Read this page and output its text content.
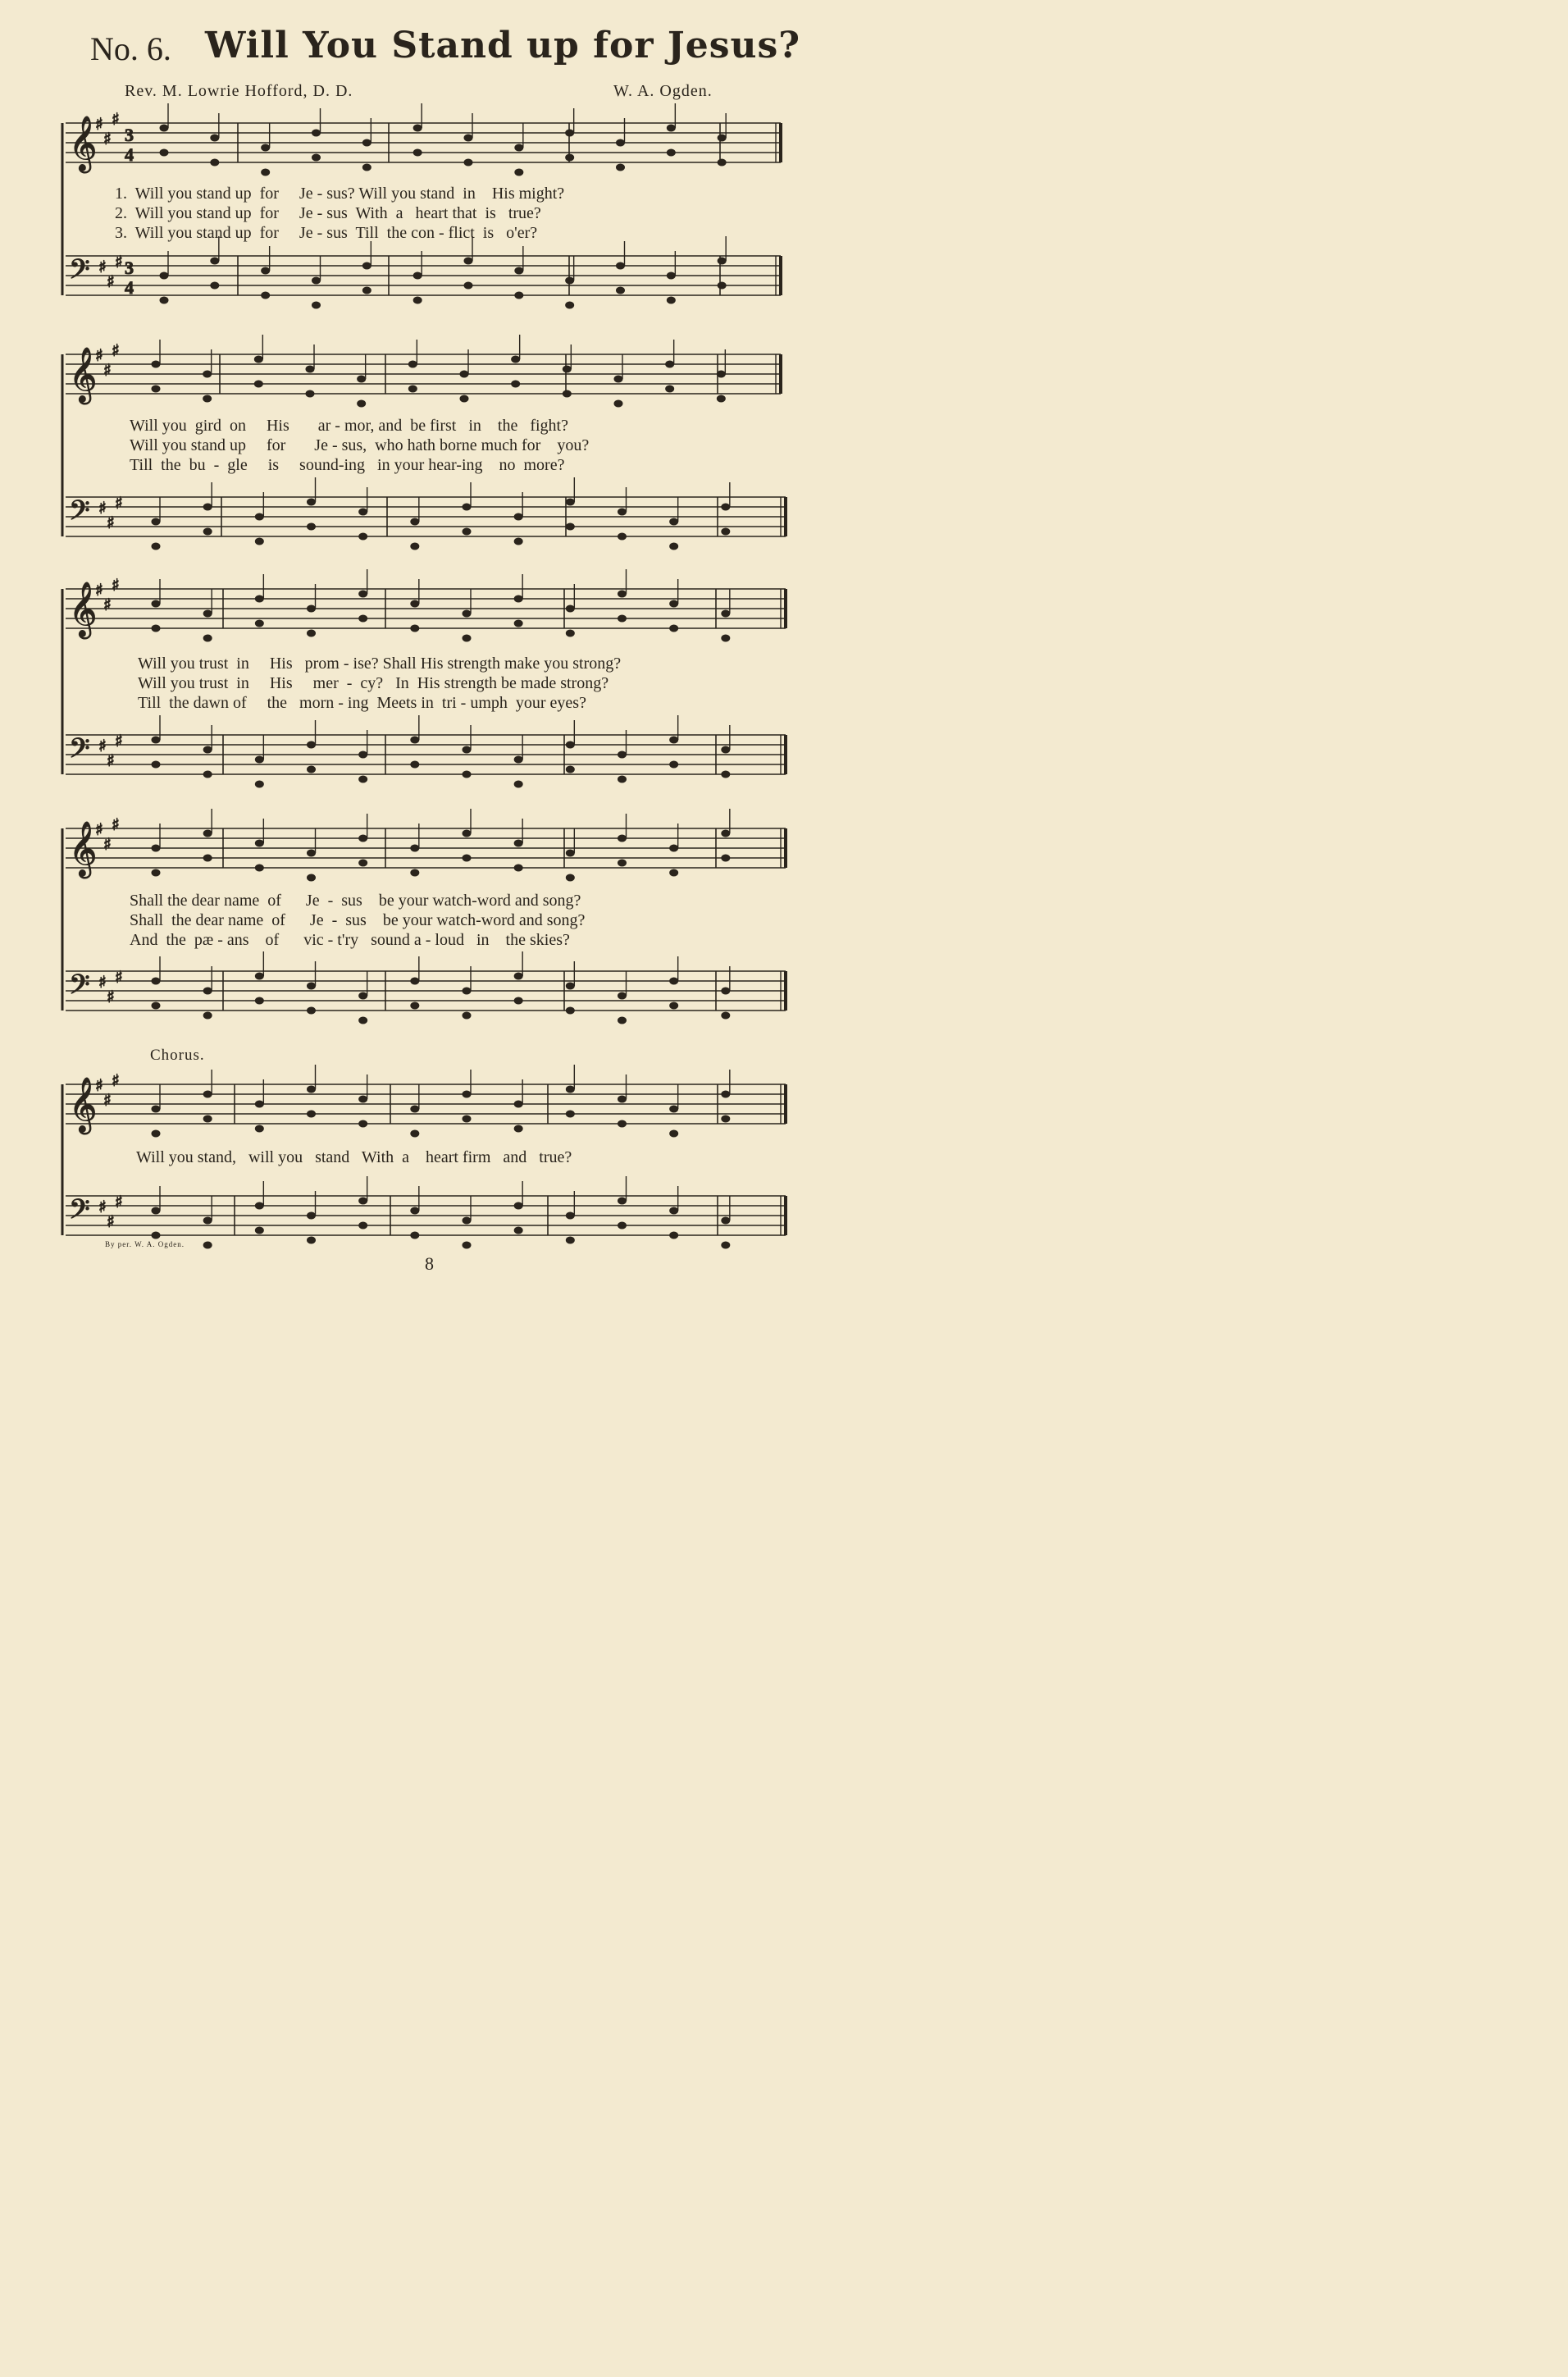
No. 6. Will You Stand up for Jesus?
Rev. M. Lowrie Hofford, D. D.	W. A. Ogden.
𝄞
♯
♯
♯
3
4
𝄢 ♯
♯
♯ 3
4
𝄞
♯
♯
♯
𝄢 ♯
♯
♯
𝄞
♯
♯
♯
𝄢 ♯
♯
♯
𝄞
♯
♯
♯
𝄢 ♯
♯
♯
𝄞
♯
♯
♯
𝄢 ♯
♯
♯
1.  Will you stand up  for     Je - sus? Will you stand  in    His might?
2.  Will you stand up  for     Je - sus  With  a   heart that  is   true?
3.  Will you stand up  for     Je - sus  Till  the con - flict  is   o'er?
Will you  gird  on     His       ar - mor, and  be first   in    the   fight?
Will you stand up     for       Je - sus,  who hath borne much for    you?
Till  the  bu  -  gle     is     sound-ing   in your hear-ing    no  more?
Will you trust  in     His   prom - ise? Shall His strength make you strong?
Will you trust  in     His     mer  -  cy?   In  His strength be made strong?
Till  the dawn of     the   morn - ing  Meets in  tri - umph  your eyes?
Shall the dear name  of      Je  -  sus    be your watch-word and song?
Shall  the dear name  of      Je  -  sus    be your watch-word and song?
And  the  pæ - ans    of      vic - t'ry   sound a - loud   in    the skies?
Chorus.
Will you stand,   will you   stand   With  a    heart firm   and   true?
By per. W. A. Ogden.
8
